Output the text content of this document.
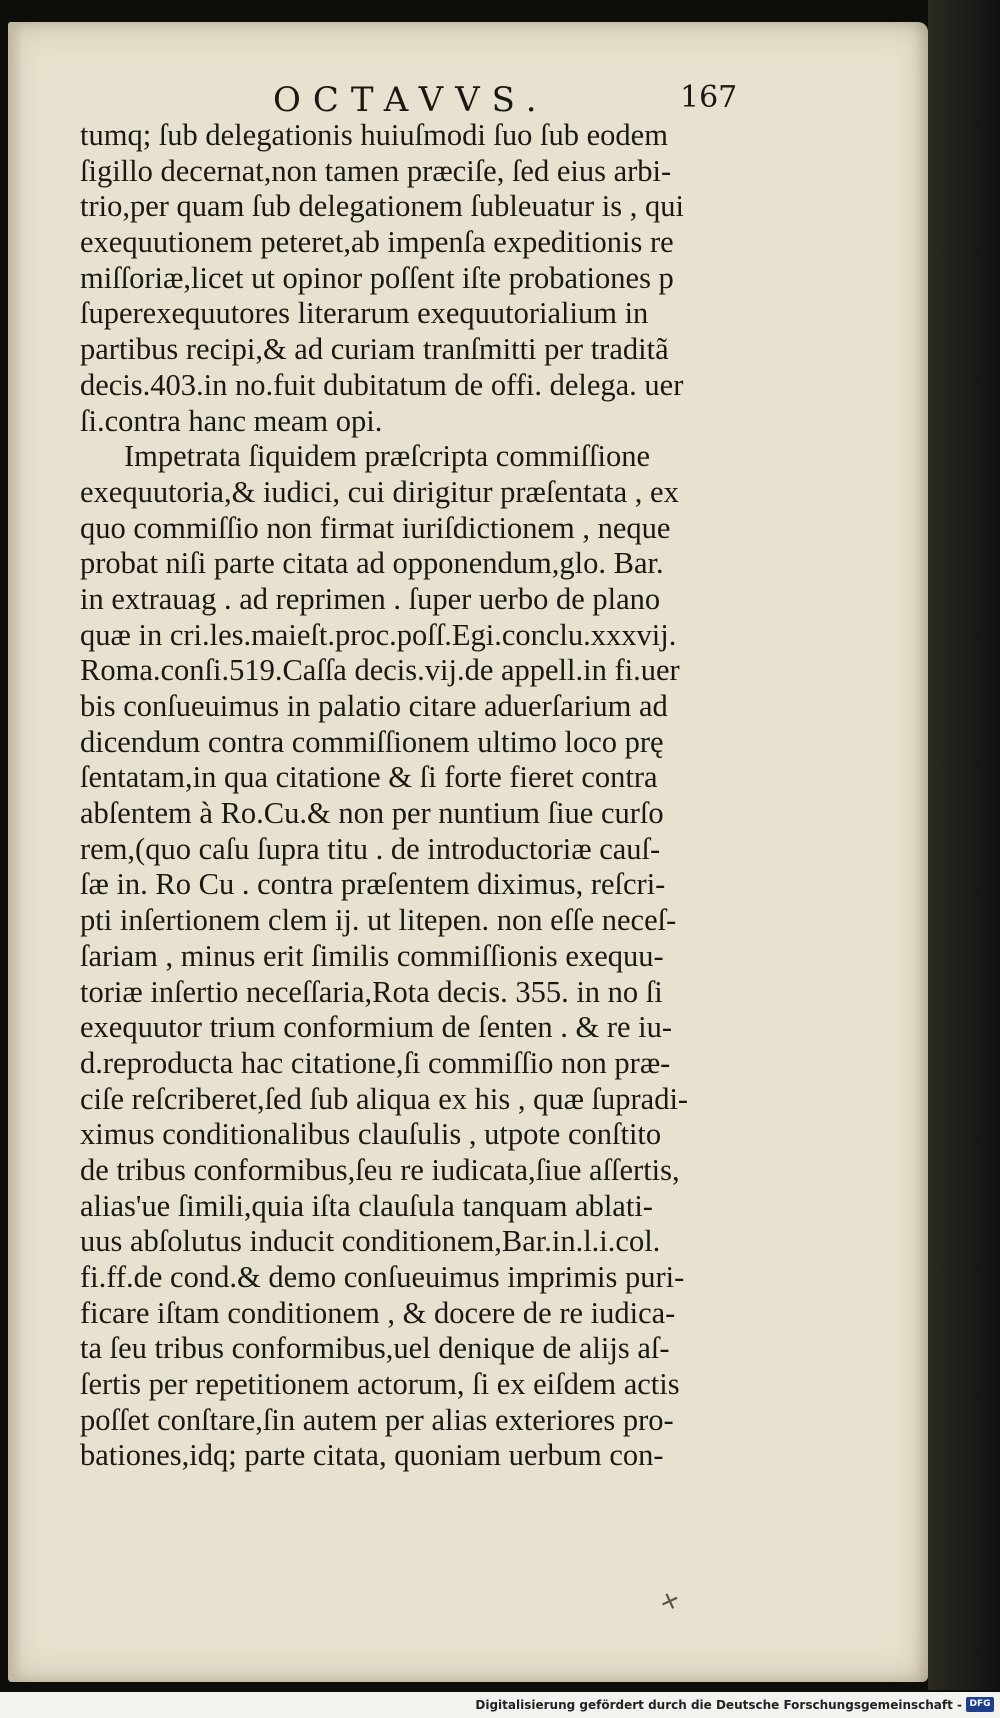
OCTAVVS.	167
tumq; ſub delegationis huiuſmodi ſuo ſub eodem
ſigillo decernat,non tamen præciſe, ſed eius arbi-
trio,per quam ſub delegationem ſubleuatur is , qui
exequutionem peteret,ab impenſa expeditionis re
miſſoriæ,licet ut opinor poſſent iſte probationes p
ſuperexequutores literarum exequutorialium in
partibus recipi,& ad curiam tranſmitti per traditã
decis.403.in no.fuit dubitatum de offi. delega. uer
ſi.contra hanc meam opi.
Impetrata ſiquidem præſcripta commiſſione
exequutoria,& iudici, cui dirigitur præſentata , ex
quo commiſſio non firmat iuriſdictionem , neque
probat niſi parte citata ad opponendum,glo. Bar.
in extrauag . ad reprimen . ſuper uerbo de plano
quæ in cri.les.maieſt.proc.poſſ.Egi.conclu.xxxvij.
Roma.conſi.519.Caſſa decis.vij.de appell.in fi.uer
bis conſueuimus in palatio citare aduerſarium ad
dicendum contra commiſſionem ultimo loco prę
ſentatam,in qua citatione & ſi forte fieret contra
abſentem à Ro.Cu.& non per nuntium ſiue curſo
rem,(quo caſu ſupra titu . de introductoriæ cauſ-
ſæ in. Ro Cu . contra præſentem diximus, reſcri-
pti inſertionem clem ij. ut litepen. non eſſe neceſ-
ſariam , minus erit ſimilis commiſſionis exequu-
toriæ inſertio neceſſaria,Rota decis. 355. in no ſi
exequutor trium conformium de ſenten . & re iu-
d.reproducta hac citatione,ſi commiſſio non præ-
ciſe reſcriberet,ſed ſub aliqua ex his , quæ ſupradi-
ximus conditionalibus clauſulis , utpote conſtito
de tribus conformibus,ſeu re iudicata,ſiue aſſertis,
alias'ue ſimili,quia iſta clauſula tanquam ablati-
uus abſolutus inducit conditionem,Bar.in.l.i.col.
fi.ff.de cond.& demo conſueuimus imprimis puri-
ficare iſtam conditionem , & docere de re iudica-
ta ſeu tribus conformibus,uel denique de alijs aſ-
ſertis per repetitionem actorum, ſi ex eiſdem actis
poſſet conſtare,ſin autem per alias exteriores pro-
bationes,idq; parte citata, quoniam uerbum con-
✕
Digitalisierung gefördert durch die Deutsche Forschungsgemeinschaft - DFG
